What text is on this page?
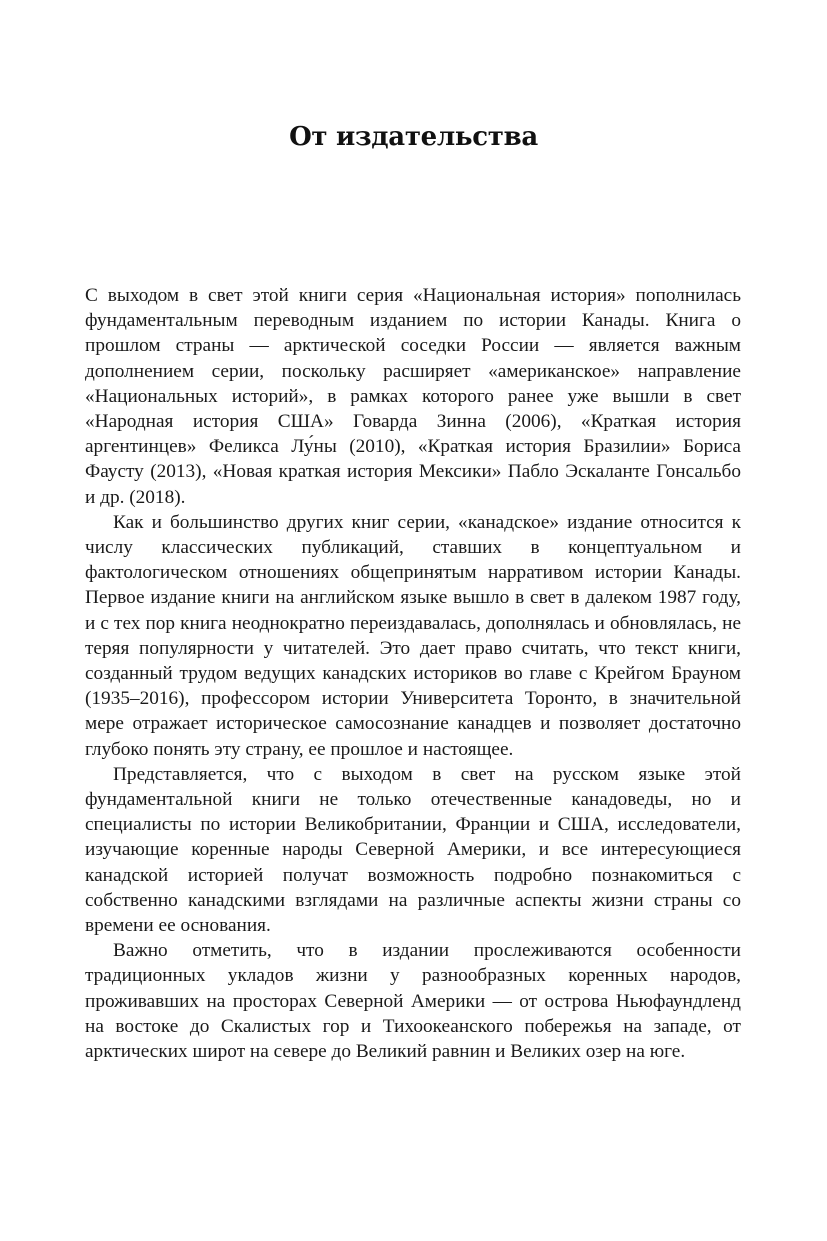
От издательства

С выходом в свет этой книги серия «Национальная история» пополнилась фундаментальным переводным изданием по истории Канады. Книга о прошлом страны — арктической соседки России — является важным дополнением серии, поскольку расширяет «американское» направление «Национальных историй», в рамках которого ранее уже вышли в свет «Народная история США» Говарда Зинна (2006), «Краткая история аргентинцев» Феликса Лу́ны (2010), «Краткая история Бразилии» Бориса Фаусту (2013), «Новая краткая история Мексики» Пабло Эскаланте Гонсальбо и др. (2018).

Как и большинство других книг серии, «канадское» издание относится к числу классических публикаций, ставших в концептуальном и фактологическом отношениях общепринятым нарративом истории Канады. Первое издание книги на английском языке вышло в свет в далеком 1987 году, и с тех пор книга неоднократно переиздавалась, дополнялась и обновлялась, не теряя популярности у читателей. Это дает право считать, что текст книги, созданный трудом ведущих канадских историков во главе с Крейгом Брауном (1935–2016), профессором истории Университета Торонто, в значительной мере отражает историческое самосознание канадцев и позволяет достаточно глубоко понять эту страну, ее прошлое и настоящее.

Представляется, что с выходом в свет на русском языке этой фундаментальной книги не только отечественные канадоведы, но и специалисты по истории Великобритании, Франции и США, исследователи, изучающие коренные народы Северной Америки, и все интересующиеся канадской историей получат возможность подробно познакомиться с собственно канадскими взглядами на различные аспекты жизни страны со времени ее основания.

Важно отметить, что в издании прослеживаются особенности традиционных укладов жизни у разнообразных коренных народов, проживавших на просторах Северной Америки — от острова Ньюфаундленд на востоке до Скалистых гор и Тихоокеанского побережья на западе, от арктических широт на севере до Великий равнин и Великих озер на юге.
